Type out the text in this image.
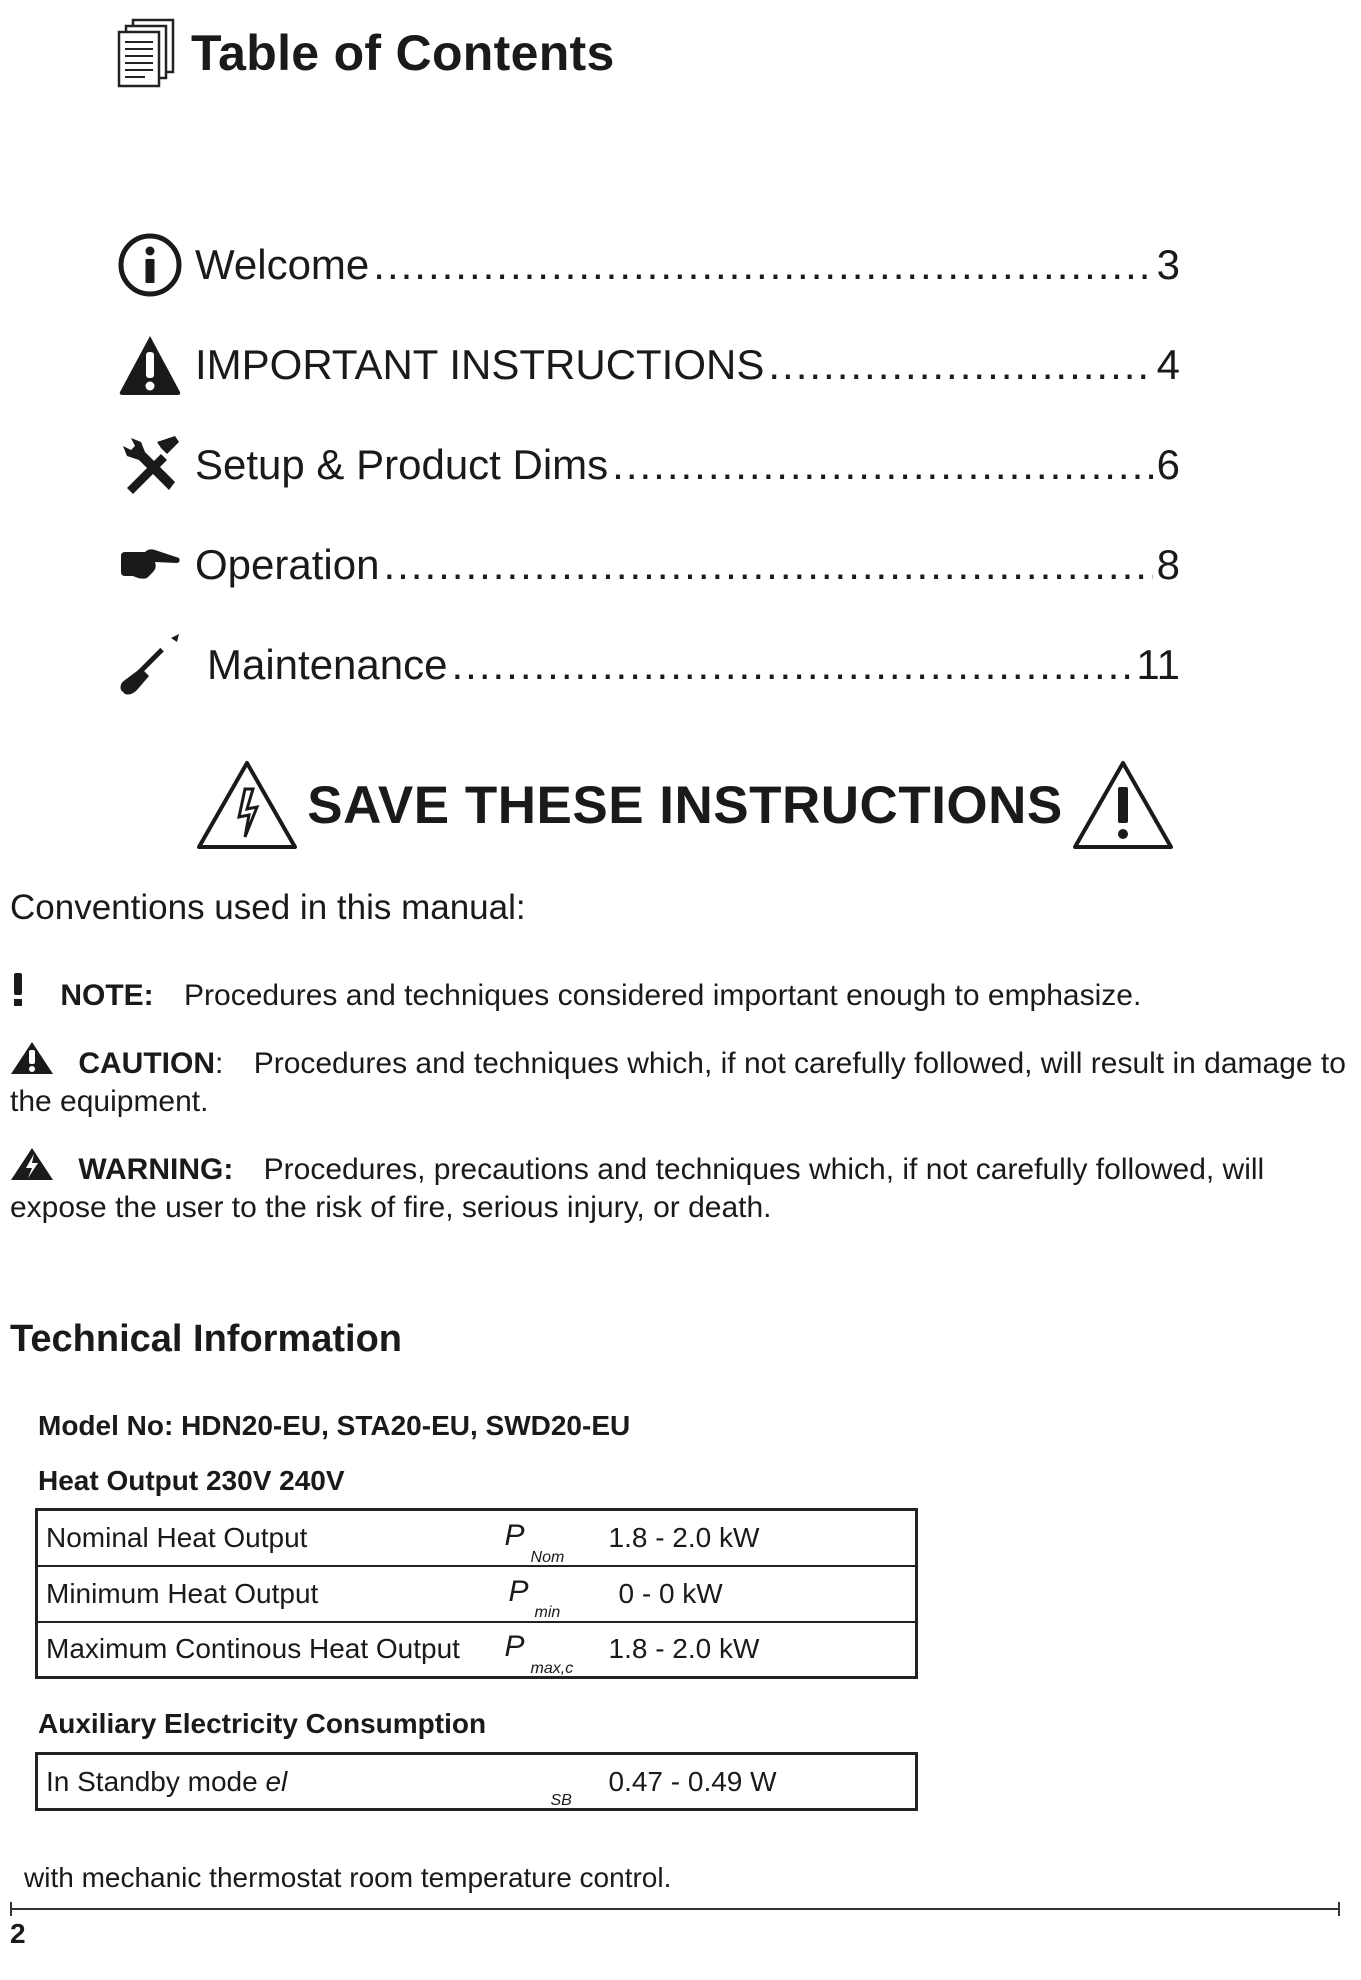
Table of Contents
Welcome .....	3
IMPORTANT INSTRUCTIONS .....	4
Setup & Product Dims .....	6
Operation .....	8
Maintenance .....	11
SAVE THESE INSTRUCTIONS
Conventions used in this manual:
NOTE: Procedures and techniques considered important enough to emphasize.
CAUTION: Procedures and techniques which, if not carefully followed, will result in damage to the equipment.
WARNING: Procedures, precautions and techniques which, if not carefully followed, will expose the user to the risk of fire, serious injury, or death.
Technical Information
Model No: HDN20-EU, STA20-EU, SWD20-EU
Heat Output 230V 240V
Nominal Heat Output	$P_{Nom}$	1.8 - 2.0 kW
Minimum Heat Output	$P_{min}$	0 - 0 kW
Maximum Continous Heat Output	$P_{max,c}$	1.8 - 2.0 kW
Auxiliary Electricity Consumption
In Standby mode el	$_{SB}$	0.47 - 0.49 W
with mechanic thermostat room temperature control.
2
